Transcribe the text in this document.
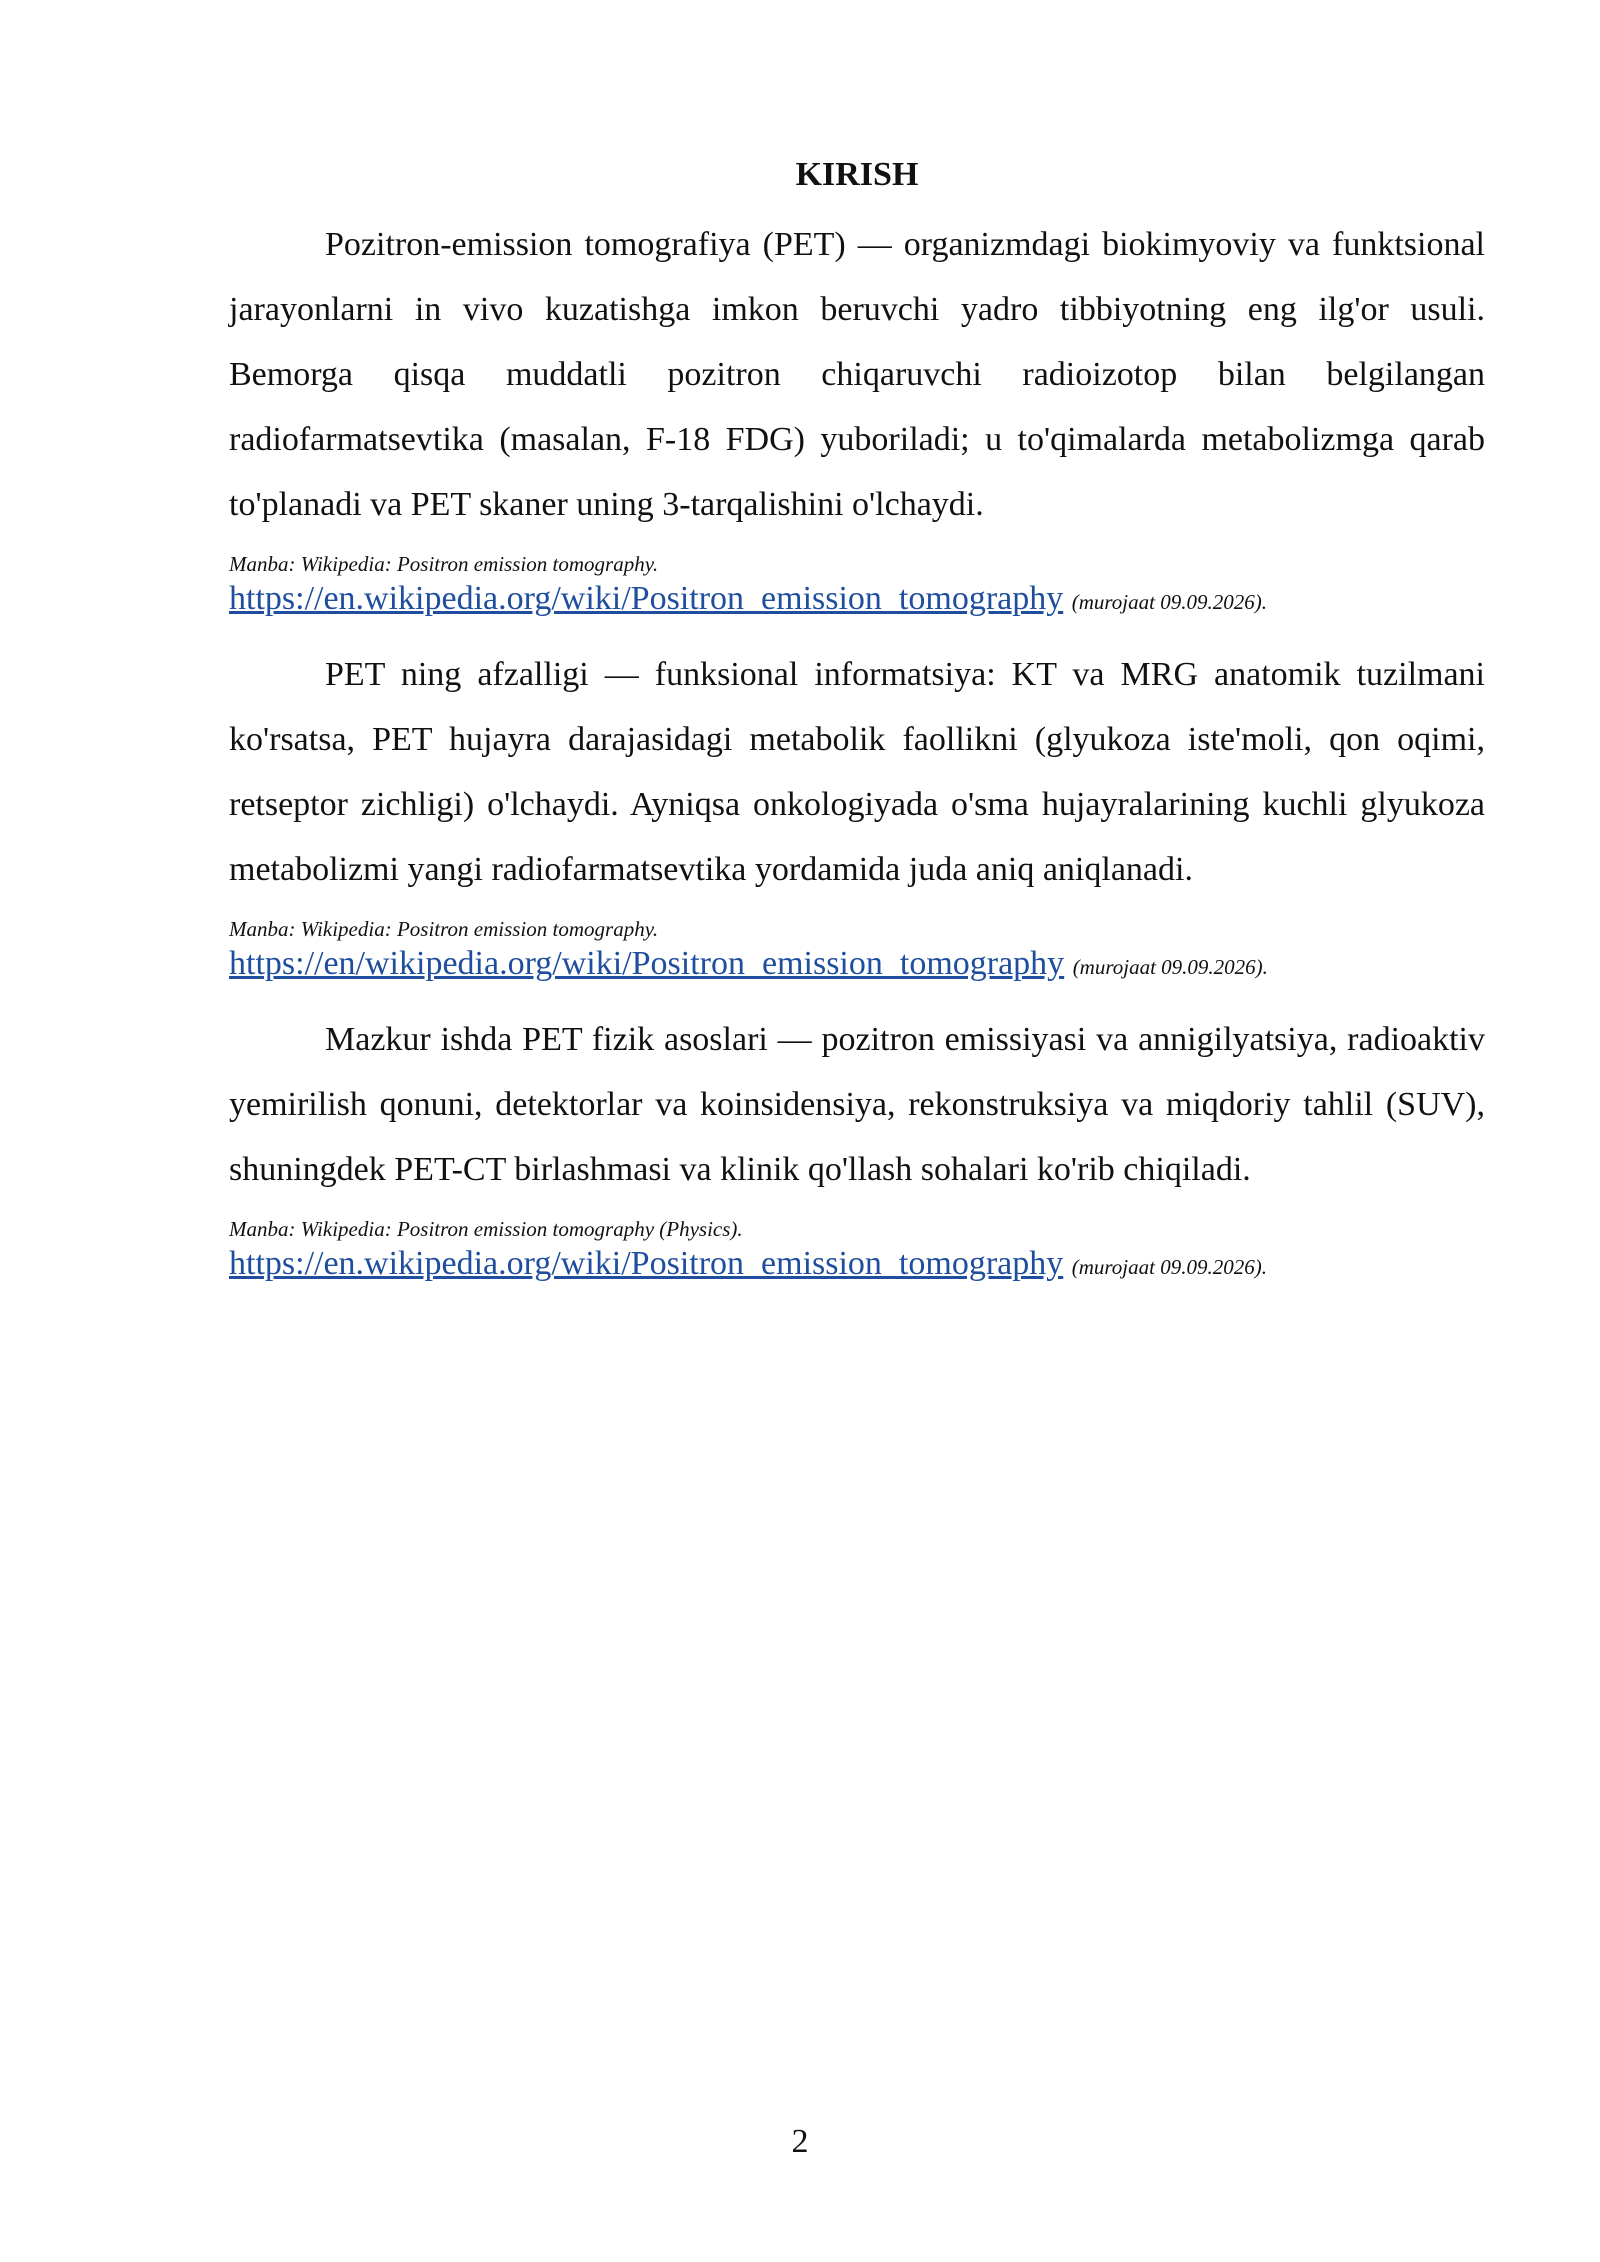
KIRISH

Pozitron-emission tomografiya (PET) — organizmdagi biokimyoviy va funktsional jarayonlarni in vivo kuzatishga imkon beruvchi yadro tibbiyotning eng ilg'or usuli. Bemorga qisqa muddatli pozitron chiqaruvchi radioizotop bilan belgilangan radiofarmatsevtika (masalan, F-18 FDG) yuboriladi; u to'qimalarda metabolizmga qarab to'planadi va PET skaner uning 3-tarqalishini o'lchaydi.

Manba: Wikipedia: Positron emission tomography.
https://en.wikipedia.org/wiki/Positron_emission_tomography (murojaat 09.09.2026).

PET ning afzalligi — funksional informatsiya: KT va MRG anatomik tuzilmani ko'rsatsa, PET hujayra darajasidagi metabolik faollikni (glyukoza iste'moli, qon oqimi, retseptor zichligi) o'lchaydi. Ayniqsa onkologiyada o'sma hujayralarining kuchli glyukoza metabolizmi yangi radiofarmatsevtika yordamida juda aniq aniqlanadi.

Manba: Wikipedia: Positron emission tomography.
https://en/wikipedia.org/wiki/Positron_emission_tomography (murojaat 09.09.2026).

Mazkur ishda PET fizik asoslari — pozitron emissiyasi va annigilyatsiya, radioaktiv yemirilish qonuni, detektorlar va koinsidensiya, rekonstruksiya va miqdoriy tahlil (SUV), shuningdek PET-CT birlashmasi va klinik qo'llash sohalari ko'rib chiqiladi.

Manba: Wikipedia: Positron emission tomography (Physics).
https://en.wikipedia.org/wiki/Positron_emission_tomography (murojaat 09.09.2026).
2
